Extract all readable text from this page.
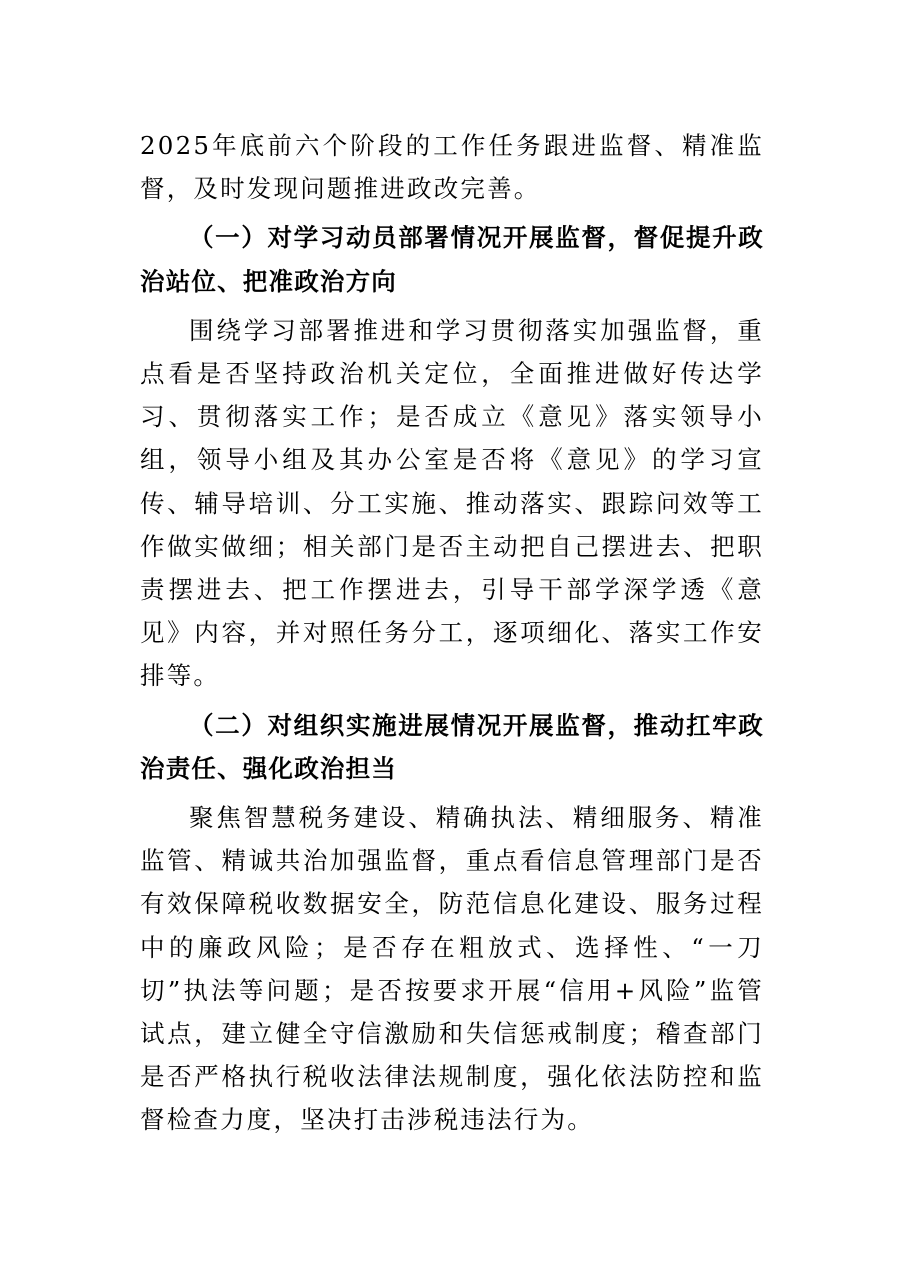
2025年底前六个阶段的工作任务跟进监督、精准监督，及时发现问题推进政改完善。

（一）对学习动员部署情况开展监督，督促提升政治站位、把准政治方向

围绕学习部署推进和学习贯彻落实加强监督，重点看是否坚持政治机关定位，全面推进做好传达学习、贯彻落实工作；是否成立《意见》落实领导小组，领导小组及其办公室是否将《意见》的学习宣传、辅导培训、分工实施、推动落实、跟踪问效等工作做实做细；相关部门是否主动把自己摆进去、把职责摆进去、把工作摆进去，引导干部学深学透《意见》内容，并对照任务分工，逐项细化、落实工作安排等。

（二）对组织实施进展情况开展监督，推动扛牢政治责任、强化政治担当

聚焦智慧税务建设、精确执法、精细服务、精准监管、精诚共治加强监督，重点看信息管理部门是否有效保障税收数据安全，防范信息化建设、服务过程中的廉政风险；是否存在粗放式、选择性、“一刀切”执法等问题；是否按要求开展“信用+风险”监管试点，建立健全守信激励和失信惩戒制度；稽查部门是否严格执行税收法律法规制度，强化依法防控和监督检查力度，坚决打击涉税违法行为。
